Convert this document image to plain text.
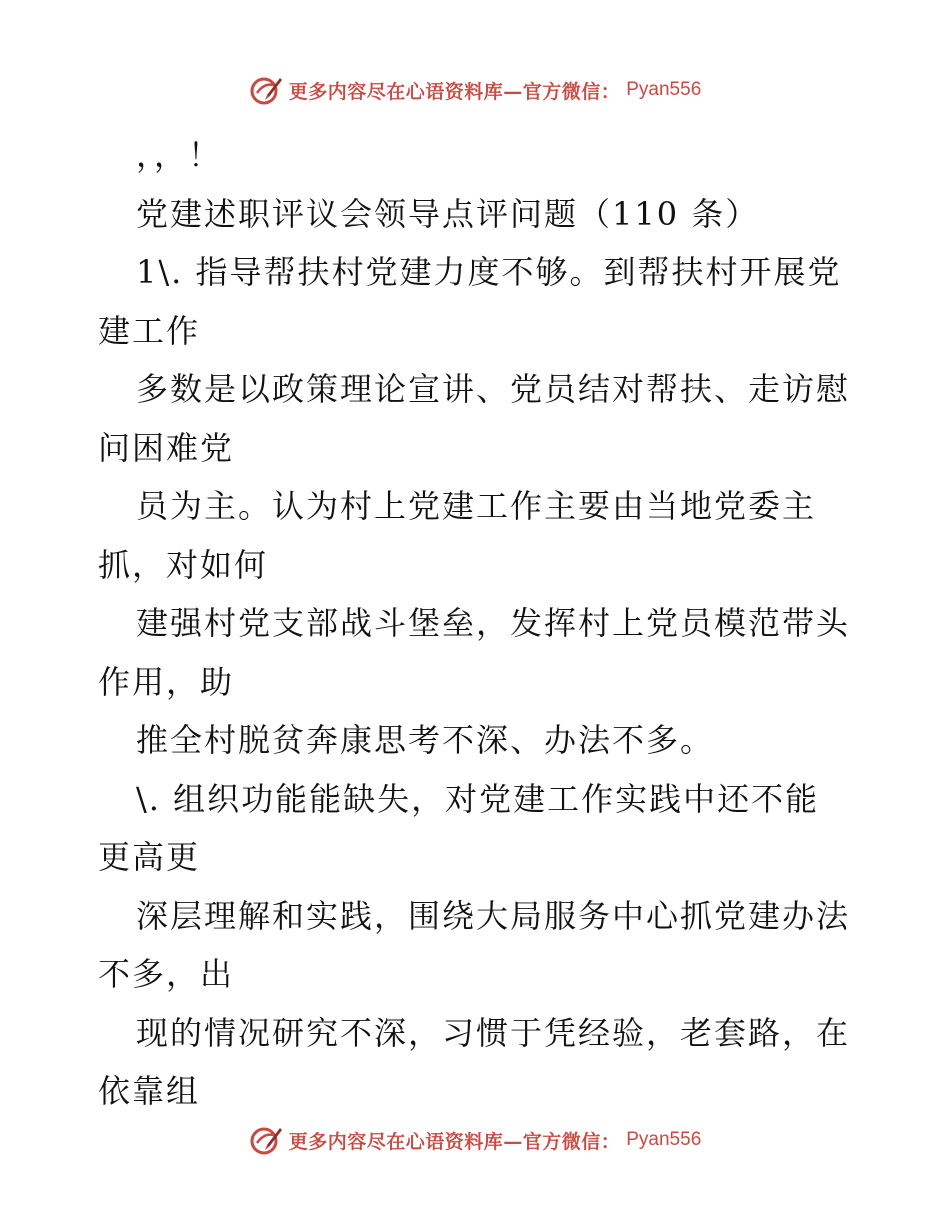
更多内容尽在心语资料库—官方微信： Pyan556
，，！
党建述职评议会领导点评问题（110 条）
1\. 指导帮扶村党建力度不够。到帮扶村开展党
建工作
多数是以政策理论宣讲、党员结对帮扶、走访慰
问困难党
员为主。认为村上党建工作主要由当地党委主
抓，对如何
建强村党支部战斗堡垒，发挥村上党员模范带头
作用，助
推全村脱贫奔康思考不深、办法不多。
\. 组织功能能缺失，对党建工作实践中还不能
更高更
深层理解和实践，围绕大局服务中心抓党建办法
不多，出
现的情况研究不深，习惯于凭经验，老套路，在
依靠组
更多内容尽在心语资料库—官方微信： Pyan556
